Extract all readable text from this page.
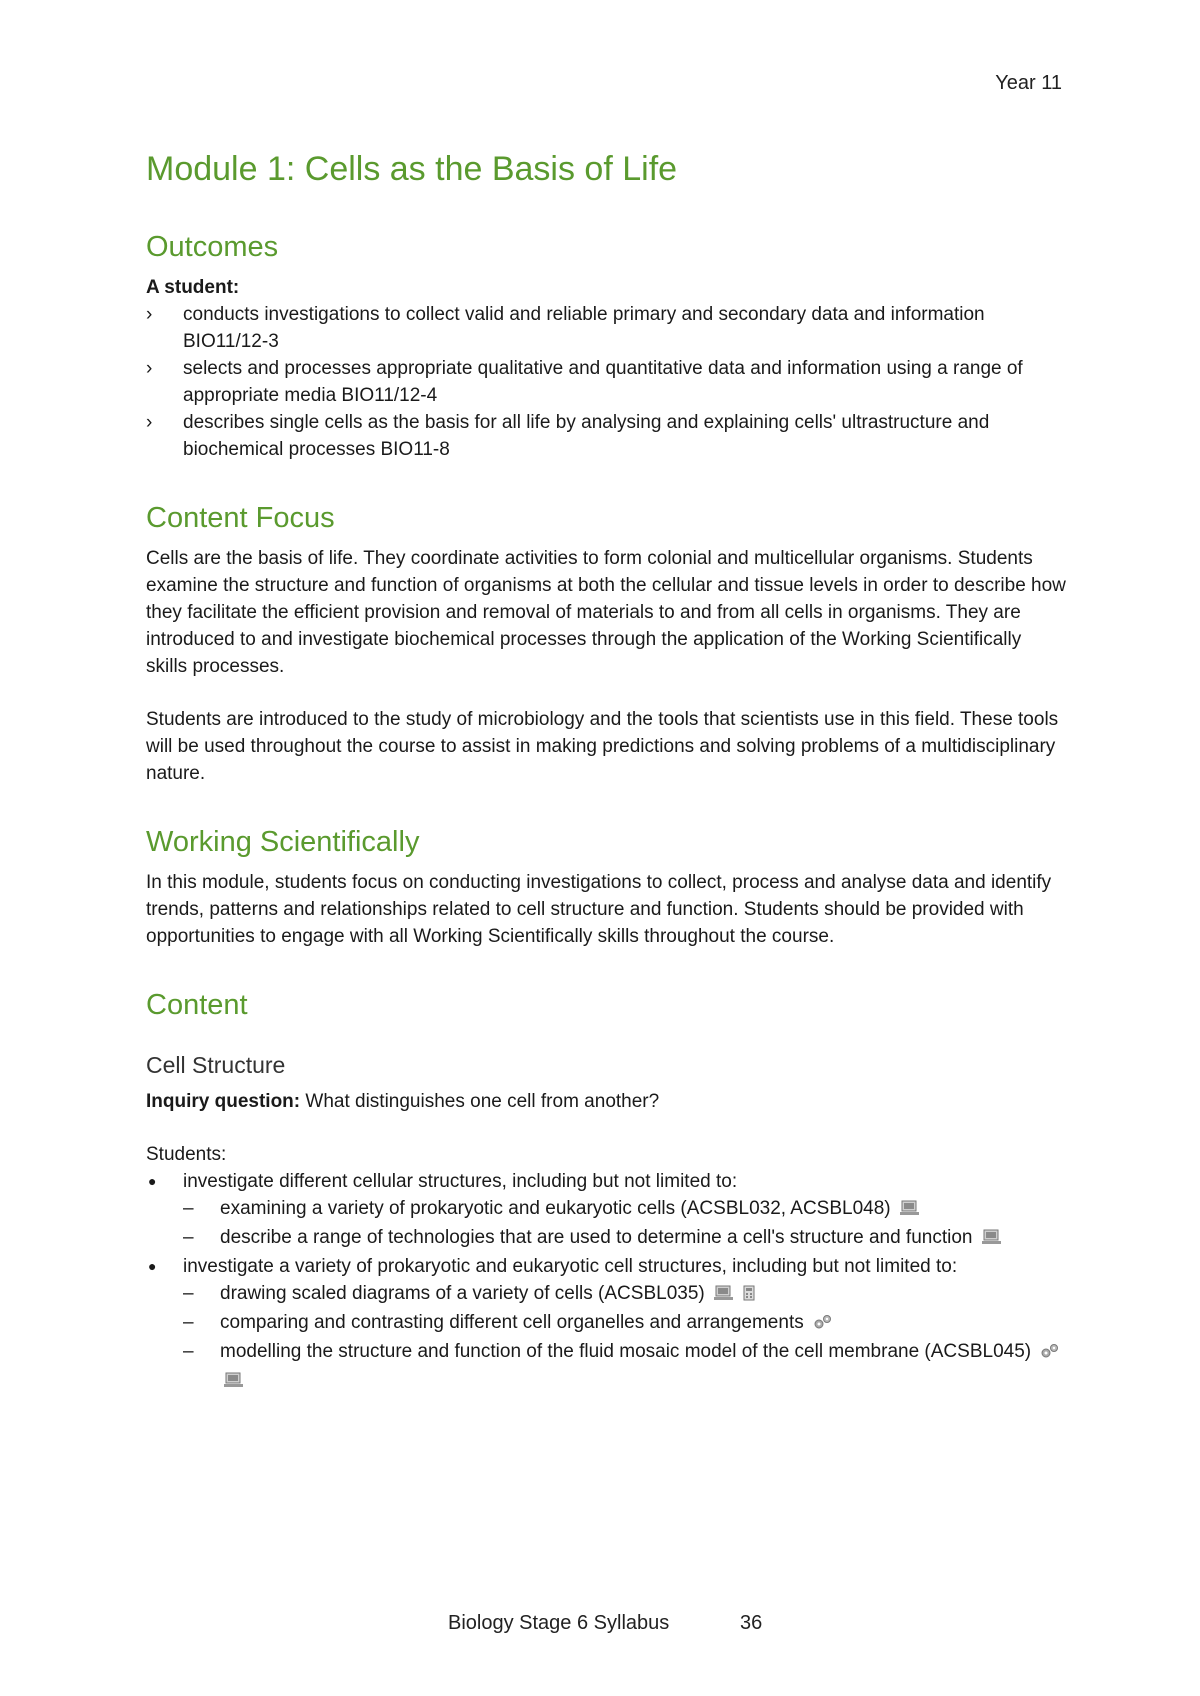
Year 11
Module 1: Cells as the Basis of Life
Outcomes

A student:

› conducts investigations to collect valid and reliable primary and secondary data and information BIO11/12-3
› selects and processes appropriate qualitative and quantitative data and information using a range of appropriate media BIO11/12-4
› describes single cells as the basis for all life by analysing and explaining cells' ultrastructure and biochemical processes BIO11-8
Content Focus

Cells are the basis of life. They coordinate activities to form colonial and multicellular organisms. Students examine the structure and function of organisms at both the cellular and tissue levels in order to describe how they facilitate the efficient provision and removal of materials to and from all cells in organisms. They are introduced to and investigate biochemical processes through the application of the Working Scientifically skills processes.

Students are introduced to the study of microbiology and the tools that scientists use in this field. These tools will be used throughout the course to assist in making predictions and solving problems of a multidisciplinary nature.

Working Scientifically

In this module, students focus on conducting investigations to collect, process and analyse data and identify trends, patterns and relationships related to cell structure and function. Students should be provided with opportunities to engage with all Working Scientifically skills throughout the course.

Content
Cell Structure

Inquiry question: What distinguishes one cell from another?

Students:

● investigate different cellular structures, including but not limited to:
– examining a variety of prokaryotic and eukaryotic cells (ACSBL032, ACSBL048)
– describe a range of technologies that are used to determine a cell's structure and function
● investigate a variety of prokaryotic and eukaryotic cell structures, including but not limited to:
– drawing scaled diagrams of a variety of cells (ACSBL035)
– comparing and contrasting different cell organelles and arrangements
– modelling the structure and function of the fluid mosaic model of the cell membrane (ACSBL045)
Biology Stage 6 Syllabus	36
